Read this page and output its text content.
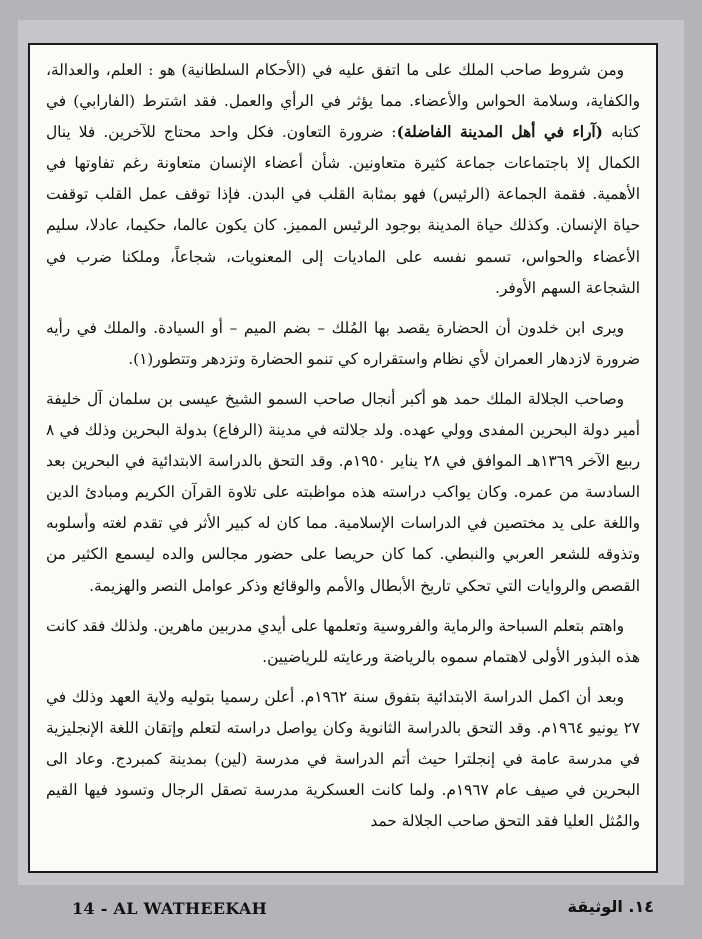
ومن شروط صاحب الملك على ما اتفق عليه في (الأحكام السلطانية) هو : العلم، والعدالة، والكفاية، وسلامة الحواس والأعضاء. مما يؤثر في الرأي والعمل. فقد اشترط (الفارابي) في كتابه (آراء في أهل المدينة الفاضلة): ضرورة التعاون. فكل واحد محتاج للآخرين. فلا ينال الكمال إلا باجتماعات جماعة كثيرة متعاونين. شأن أعضاء الإنسان متعاونة رغم تفاوتها في الأهمية. فقمة الجماعة (الرئيس) فهو بمثابة القلب في البدن. فإذا توقف عمل القلب توقفت حياة الإنسان. وكذلك حياة المدينة بوجود الرئيس المميز. كان يكون عالما، حكيما، عادلا، سليم الأعضاء والحواس، تسمو نفسه على الماديات إلى المعنويات، شجاعاً، وملكنا ضرب في الشجاعة السهم الأوفر.

ويرى ابن خلدون أن الحضارة يقصد بها المُلك – بضم الميم – أو السيادة. والملك في رأيه ضرورة لازدهار العمران لأي نظام واستقراره كي تنمو الحضارة وتزدهر وتتطور(١).

وصاحب الجلالة الملك حمد هو أكبر أنجال صاحب السمو الشيخ عيسى بن سلمان آل خليفة أمير دولة البحرين المفدى وولي عهده. ولد جلالته في مدينة (الرفاع) بدولة البحرين وذلك في ٨ ربيع الآخر ١٣٦٩هـ الموافق في ٢٨ يناير ١٩٥٠م. وقد التحق بالدراسة الابتدائية في البحرين بعد السادسة من عمره. وكان يواكب دراسته هذه مواظبته على تلاوة القرآن الكريم ومبادئ الدين واللغة على يد مختصين في الدراسات الإسلامية. مما كان له كبير الأثر في تقدم لغته وأسلوبه وتذوقه للشعر العربي والنبطي. كما كان حريصا على حضور مجالس والده ليسمع الكثير من القصص والروايات التي تحكي تاريخ الأبطال والأمم والوقائع وذكر عوامل النصر والهزيمة.

واهتم بتعلم السباحة والرماية والفروسية وتعلمها على أيدي مدربين ماهرين. ولذلك فقد كانت هذه البذور الأولى لاهتمام سموه بالرياضة ورعايته للرياضيين.

وبعد أن اكمل الدراسة الابتدائية بتفوق سنة ١٩٦٢م. أعلن رسميا بتوليه ولاية العهد وذلك في ٢٧ يونيو ١٩٦٤م. وقد التحق بالدراسة الثانوية وكان يواصل دراسته لتعلم وإتقان اللغة الإنجليزية في مدرسة عامة في إنجلترا حيث أتم الدراسة في مدرسة (لين) بمدينة كمبردج. وعاد الى البحرين في صيف عام ١٩٦٧م. ولما كانت العسكرية مدرسة تصقل الرجال وتسود فيها القيم والمُثل العليا فقد التحق صاحب الجلالة حمد

14 - AL WATHEEKAH	١٤. الوثيقة
